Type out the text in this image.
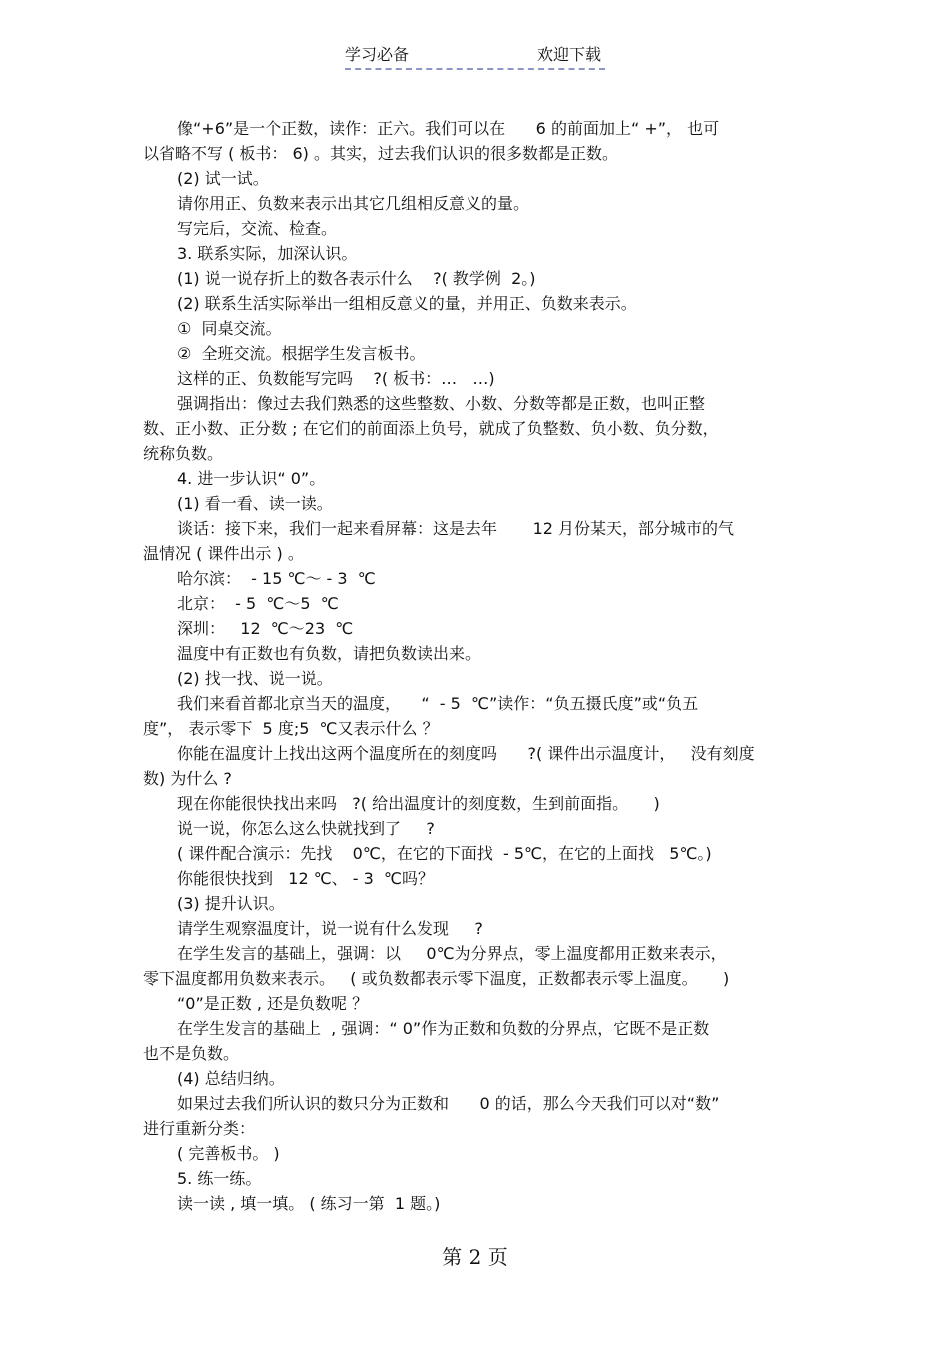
学习必备	欢迎下载
像“+6”是一个正数，读作：正六。我们可以在      6 的前面加上“ +”， 也可
以省略不写 ( 板书： 6) 。其实，过去我们认识的很多数都是正数。
(2) 试一试。
请你用正、负数来表示出其它几组相反意义的量。
写完后，交流、检查。
3. 联系实际，加深认识。
(1) 说一说存折上的数各表示什么    ?( 教学例  2。)
(2) 联系生活实际举出一组相反意义的量，并用正、负数来表示。
①  同桌交流。
②  全班交流。根据学生发言板书。
这样的正、负数能写完吗    ?( 板书：…   …)
强调指出：像过去我们熟悉的这些整数、小数、分数等都是正数，也叫正整
数、正小数、正分数 ; 在它们的前面添上负号，就成了负整数、负小数、负分数，
统称负数。
4. 进一步认识“ 0”。
(1) 看一看、读一读。
谈话：接下来，我们一起来看屏幕：这是去年       12 月份某天，部分城市的气
温情况 ( 课件出示 ) 。
哈尔滨：  - 15 ℃～ - 3  ℃
北京：  - 5  ℃～5  ℃
深圳：   12  ℃～23  ℃
温度中有正数也有负数，请把负数读出来。
(2) 找一找、说一说。
我们来看首都北京当天的温度，    “  - 5  ℃”读作：“负五摄氏度”或“负五
度”， 表示零下  5 度;5  ℃又表示什么 ？
你能在温度计上找出这两个温度所在的刻度吗      ?( 课件出示温度计，   没有刻度
数) 为什么 ?
现在你能很快找出来吗   ?( 给出温度计的刻度数，生到前面指。     )
说一说，你怎么这么快就找到了     ?
( 课件配合演示：先找    0℃，在它的下面找  - 5℃，在它的上面找   5℃。)
你能很快找到   12 ℃、 - 3  ℃吗？
(3) 提升认识。
请学生观察温度计，说一说有什么发现     ?
在学生发言的基础上，强调：以     0℃为分界点，零上温度都用正数来表示，
零下温度都用负数来表示。   ( 或负数都表示零下温度，正数都表示零上温度。     )
“0”是正数 , 还是负数呢 ？
在学生发言的基础上  , 强调：“ 0”作为正数和负数的分界点，它既不是正数
也不是负数。
(4) 总结归纳。
如果过去我们所认识的数只分为正数和      0 的话，那么今天我们可以对“数”
进行重新分类：
( 完善板书。 )
5. 练一练。
读一读 , 填一填。 ( 练习一第  1 题。)
第 2 页
